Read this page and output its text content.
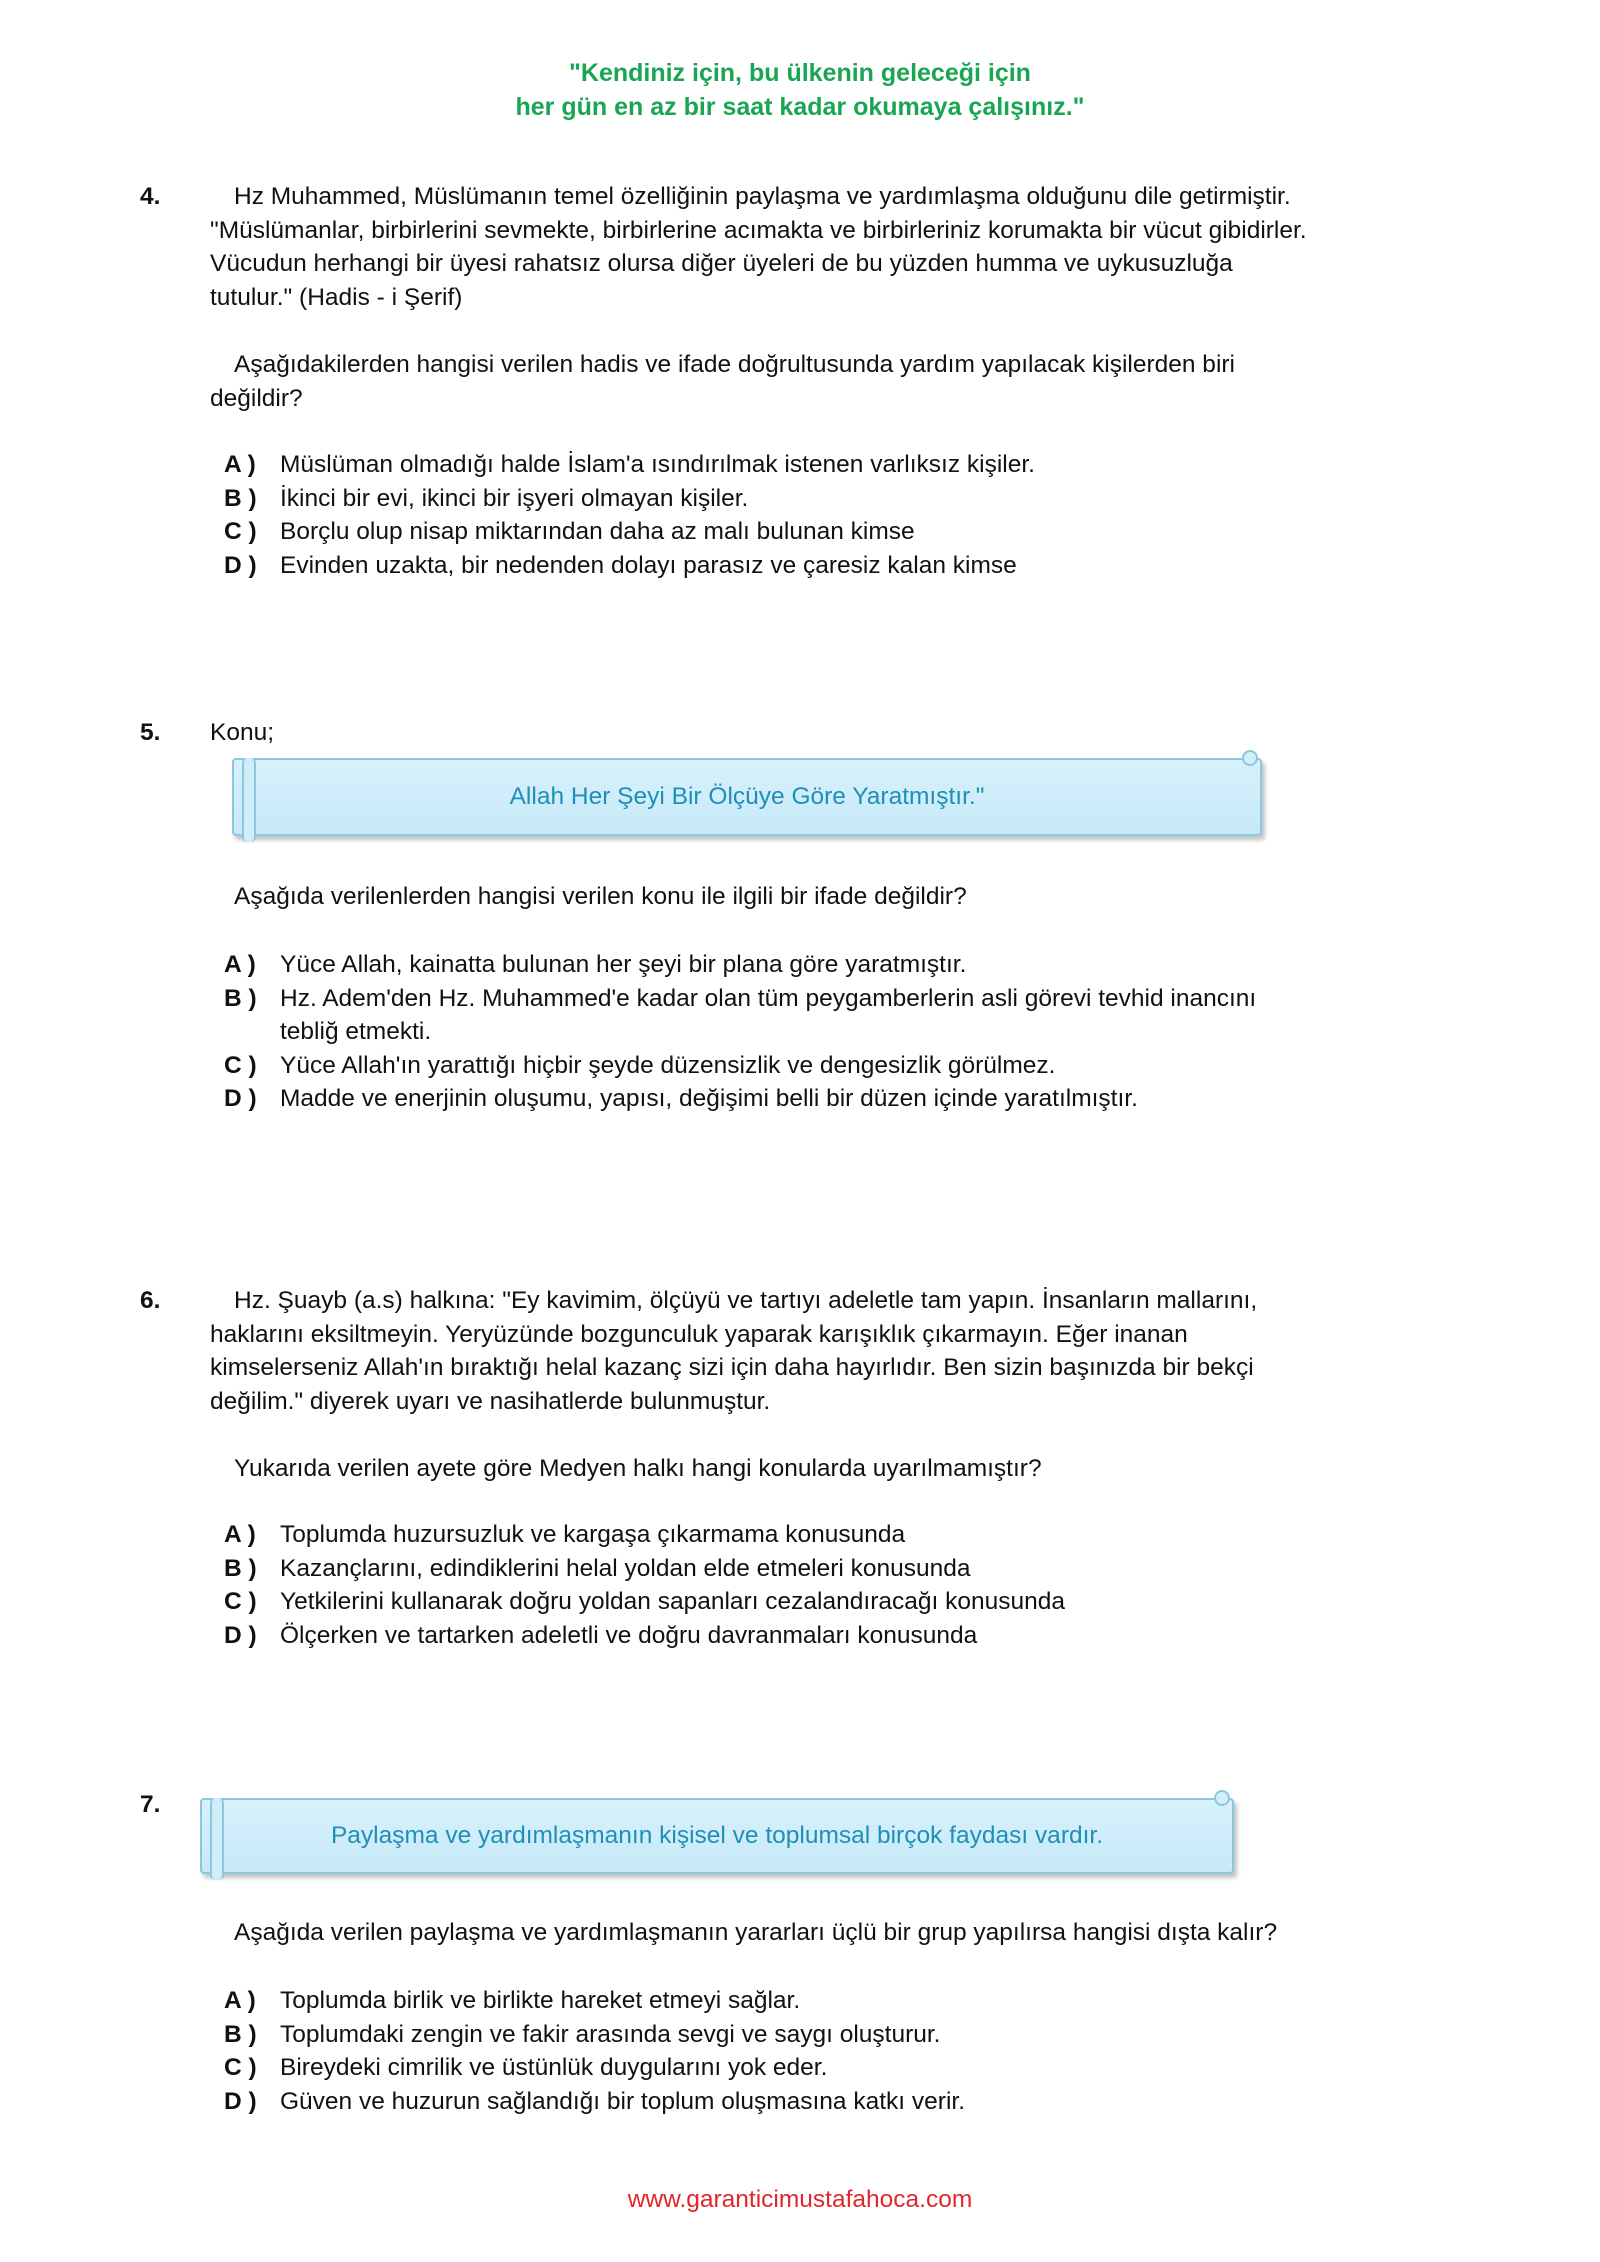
"Kendiniz için, bu ülkenin geleceği için
her gün en az bir saat kadar okumaya çalışınız."
4.	Hz Muhammed, Müslümanın temel özelliğinin paylaşma ve yardımlaşma olduğunu dile getirmiştir.

"Müslümanlar, birbirlerini sevmekte, birbirlerine acımakta ve birbirleriniz korumakta bir vücut gibidirler.

Vücudun herhangi bir üyesi rahatsız olursa diğer üyeleri de bu yüzden humma ve uykusuzluğa

tutulur." (Hadis - i Şerif)

Aşağıdakilerden hangisi verilen hadis ve ifade doğrultusunda yardım yapılacak kişilerden biri

değildir?

A ) Müslüman olmadığı halde İslam'a ısındırılmak istenen varlıksız kişiler.
B ) İkinci bir evi, ikinci bir işyeri olmayan kişiler.
C ) Borçlu olup nisap miktarından daha az malı bulunan kimse
D ) Evinden uzakta, bir nedenden dolayı parasız ve çaresiz kalan kimse
5. Konu;

Allah Her Şeyi Bir Ölçüye Göre Yaratmıştır."

Aşağıda verilenlerden hangisi verilen konu ile ilgili bir ifade değildir?

A ) Yüce Allah, kainatta bulunan her şeyi bir plana göre yaratmıştır.
B ) Hz. Adem'den Hz. Muhammed'e kadar olan tüm peygamberlerin asli görevi tevhid inancını
tebliğ etmekti.
C ) Yüce Allah'ın yarattığı hiçbir şeyde düzensizlik ve dengesizlik görülmez.
D ) Madde ve enerjinin oluşumu, yapısı, değişimi belli bir düzen içinde yaratılmıştır.
6.	Hz. Şuayb (a.s) halkına: "Ey kavimim, ölçüyü ve tartıyı adeletle tam yapın. İnsanların mallarını,

haklarını eksiltmeyin. Yeryüzünde bozgunculuk yaparak karışıklık çıkarmayın. Eğer inanan

kimselerseniz Allah'ın bıraktığı helal kazanç sizi için daha hayırlıdır. Ben sizin başınızda bir bekçi

değilim." diyerek uyarı ve nasihatlerde bulunmuştur.

Yukarıda verilen ayete göre Medyen halkı hangi konularda uyarılmamıştır?

A ) Toplumda huzursuzluk ve kargaşa çıkarmama konusunda
B ) Kazançlarını, edindiklerini helal yoldan elde etmeleri konusunda
C ) Yetkilerini kullanarak doğru yoldan sapanları cezalandıracağı konusunda
D ) Ölçerken ve tartarken adeletli ve doğru davranmaları konusunda
7.
Paylaşma ve yardımlaşmanın kişisel ve toplumsal birçok faydası vardır.

Aşağıda verilen paylaşma ve yardımlaşmanın yararları üçlü bir grup yapılırsa hangisi dışta kalır?

A ) Toplumda birlik ve birlikte hareket etmeyi sağlar.
B ) Toplumdaki zengin ve fakir arasında sevgi ve saygı oluşturur.
C ) Bireydeki cimrilik ve üstünlük duygularını yok eder.
D ) Güven ve huzurun sağlandığı bir toplum oluşmasına katkı verir.
www.garanticimustafahoca.com
